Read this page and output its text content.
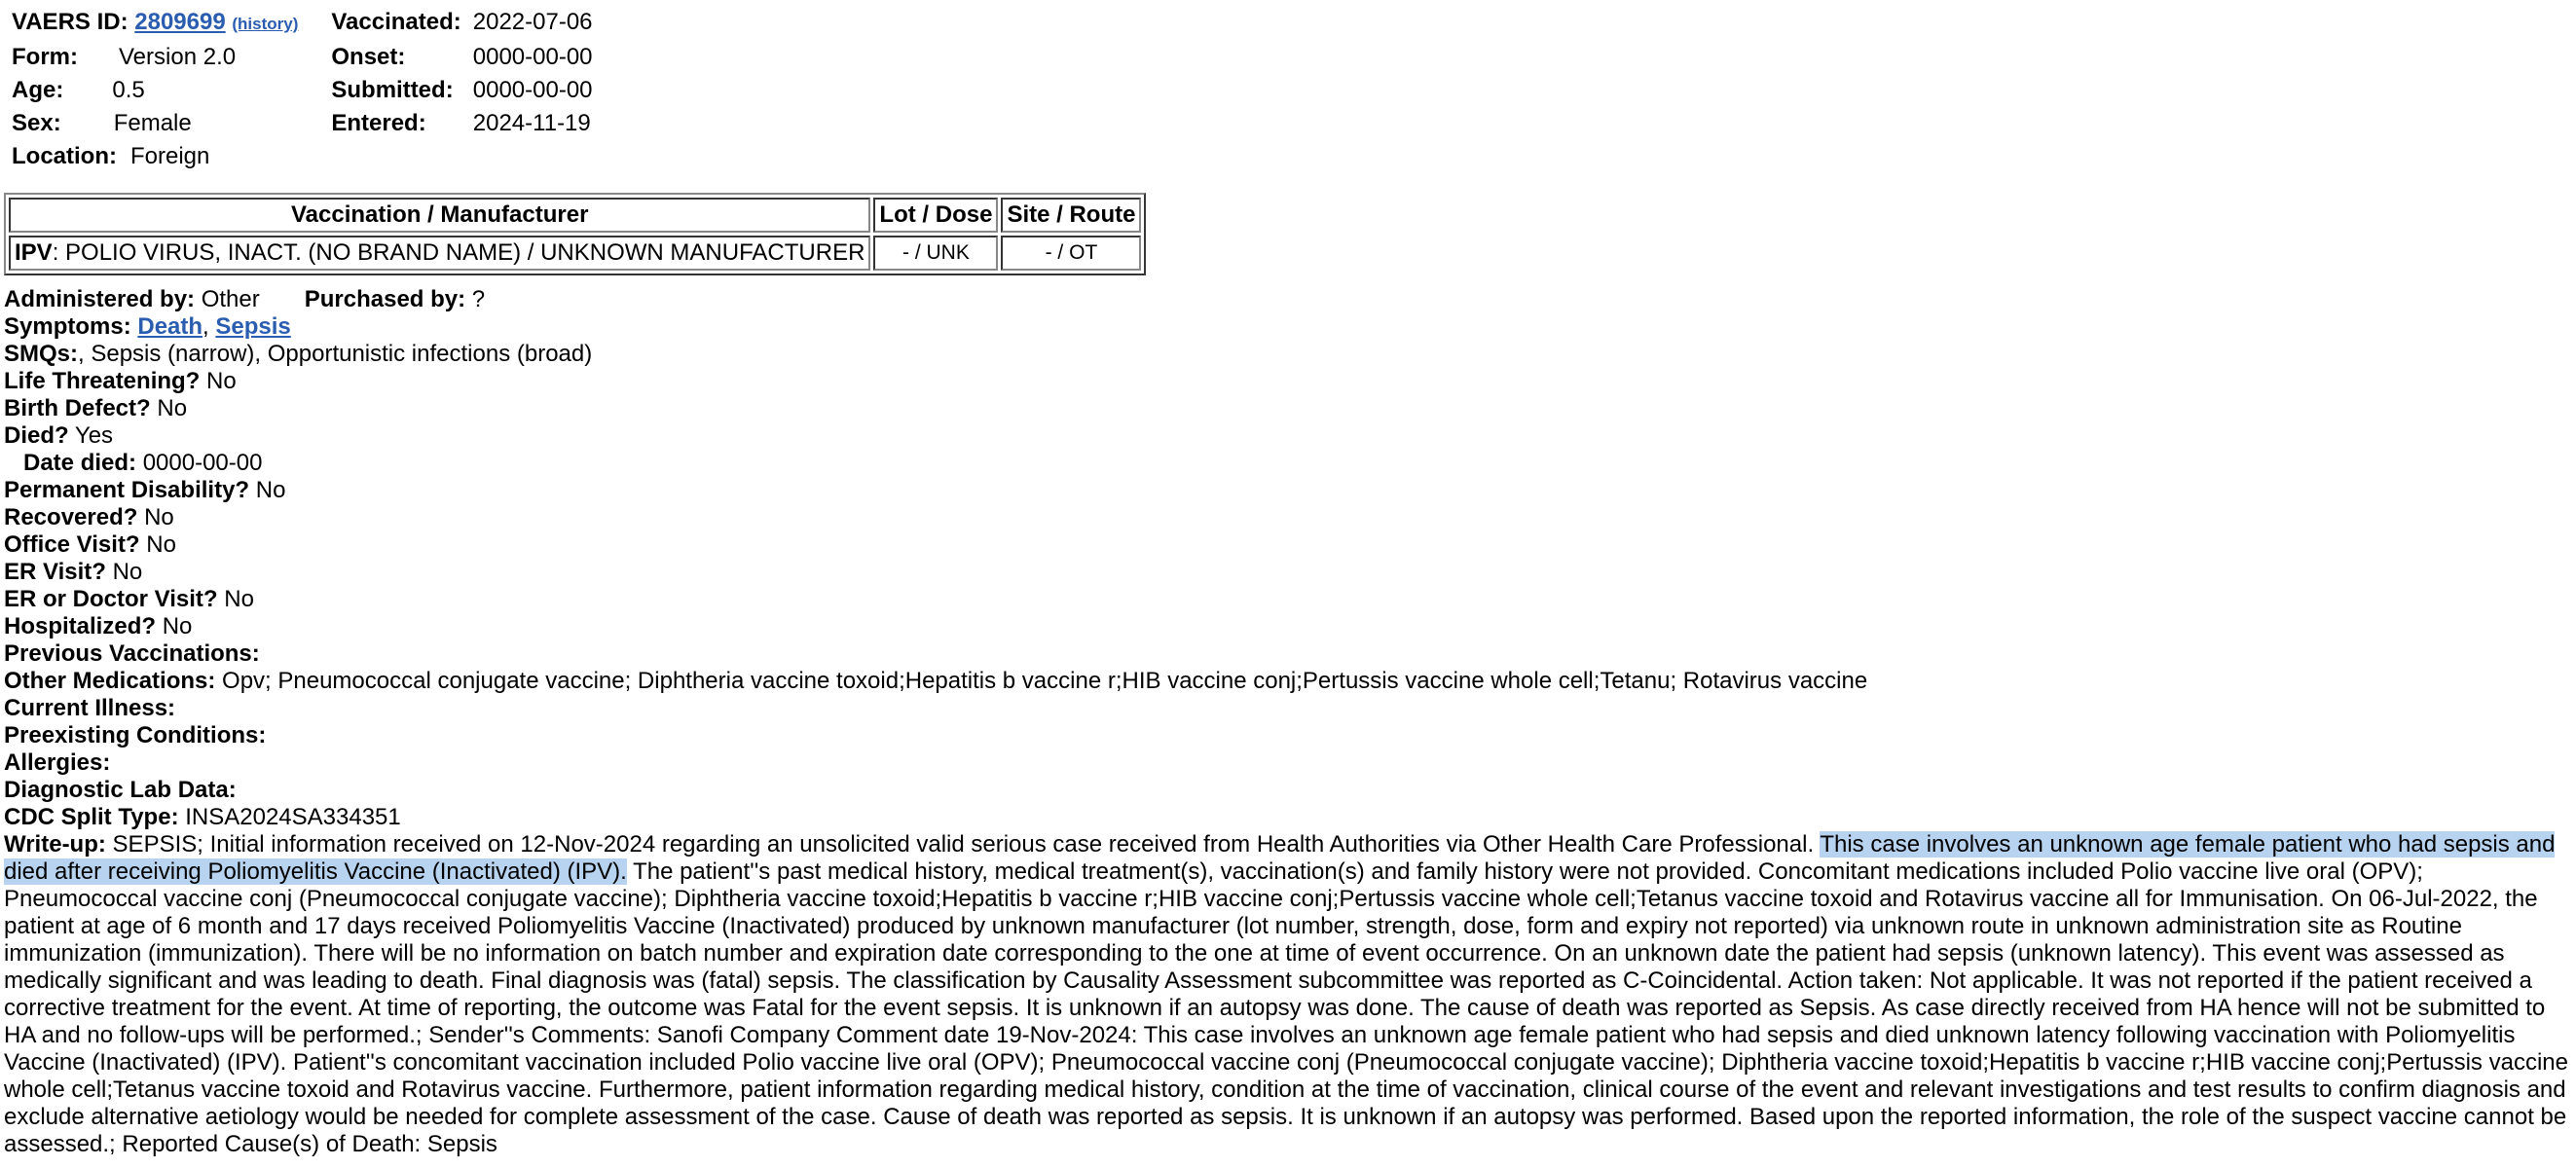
VAERS ID: 2809699 (history)		Vaccinated:	2022-07-06
Form: Version 2.0		Onset:	0000-00-00
Age: 0.5		Submitted:	0000-00-00
Sex: Female		Entered:	2024-11-19
Location: Foreign			
Vaccination / Manufacturer	Lot / Dose	Site / Route
IPV: POLIO VIRUS, INACT. (NO BRAND NAME) / UNKNOWN MANUFACTURER	- / UNK	- / OT
Administered by: Other Purchased by: ?
Symptoms: Death, Sepsis
SMQs:, Sepsis (narrow), Opportunistic infections (broad)
Life Threatening? No
Birth Defect? No
Died? Yes
Date died: 0000-00-00
Permanent Disability? No
Recovered? No
Office Visit? No
ER Visit? No
ER or Doctor Visit? No
Hospitalized? No
Previous Vaccinations:
Other Medications: Opv; Pneumococcal conjugate vaccine; Diphtheria vaccine toxoid;Hepatitis b vaccine r;HIB vaccine conj;Pertussis vaccine whole cell;Tetanu; Rotavirus vaccine
Current Illness:
Preexisting Conditions:
Allergies:
Diagnostic Lab Data:
CDC Split Type: INSA2024SA334351
Write-up: SEPSIS; Initial information received on 12-Nov-2024 regarding an unsolicited valid serious case received from Health Authorities via Other Health Care Professional. This case involves an unknown age female patient who had sepsis and died after receiving Poliomyelitis Vaccine (Inactivated) (IPV). The patient''s past medical history, medical treatment(s), vaccination(s) and family history were not provided. Concomitant medications included Polio vaccine live oral (OPV); Pneumococcal vaccine conj (Pneumococcal conjugate vaccine); Diphtheria vaccine toxoid;Hepatitis b vaccine r;HIB vaccine conj;Pertussis vaccine whole cell;Tetanus vaccine toxoid and Rotavirus vaccine all for Immunisation. On 06-Jul-2022, the patient at age of 6 month and 17 days received Poliomyelitis Vaccine (Inactivated) produced by unknown manufacturer (lot number, strength, dose, form and expiry not reported) via unknown route in unknown administration site as Routine immunization (immunization). There will be no information on batch number and expiration date corresponding to the one at time of event occurrence. On an unknown date the patient had sepsis (unknown latency). This event was assessed as medically significant and was leading to death. Final diagnosis was (fatal) sepsis. The classification by Causality Assessment subcommittee was reported as C-Coincidental. Action taken: Not applicable. It was not reported if the patient received a corrective treatment for the event. At time of reporting, the outcome was Fatal for the event sepsis. It is unknown if an autopsy was done. The cause of death was reported as Sepsis. As case directly received from HA hence will not be submitted to HA and no follow-ups will be performed.; Sender''s Comments: Sanofi Company Comment date 19-Nov-2024: This case involves an unknown age female patient who had sepsis and died unknown latency following vaccination with Poliomyelitis Vaccine (Inactivated) (IPV). Patient''s concomitant vaccination included Polio vaccine live oral (OPV); Pneumococcal vaccine conj (Pneumococcal conjugate vaccine); Diphtheria vaccine toxoid;Hepatitis b vaccine r;HIB vaccine conj;Pertussis vaccine whole cell;Tetanus vaccine toxoid and Rotavirus vaccine. Furthermore, patient information regarding medical history, condition at the time of vaccination, clinical course of the event and relevant investigations and test results to confirm diagnosis and exclude alternative aetiology would be needed for complete assessment of the case. Cause of death was reported as sepsis. It is unknown if an autopsy was performed. Based upon the reported information, the role of the suspect vaccine cannot be assessed.; Reported Cause(s) of Death: Sepsis
